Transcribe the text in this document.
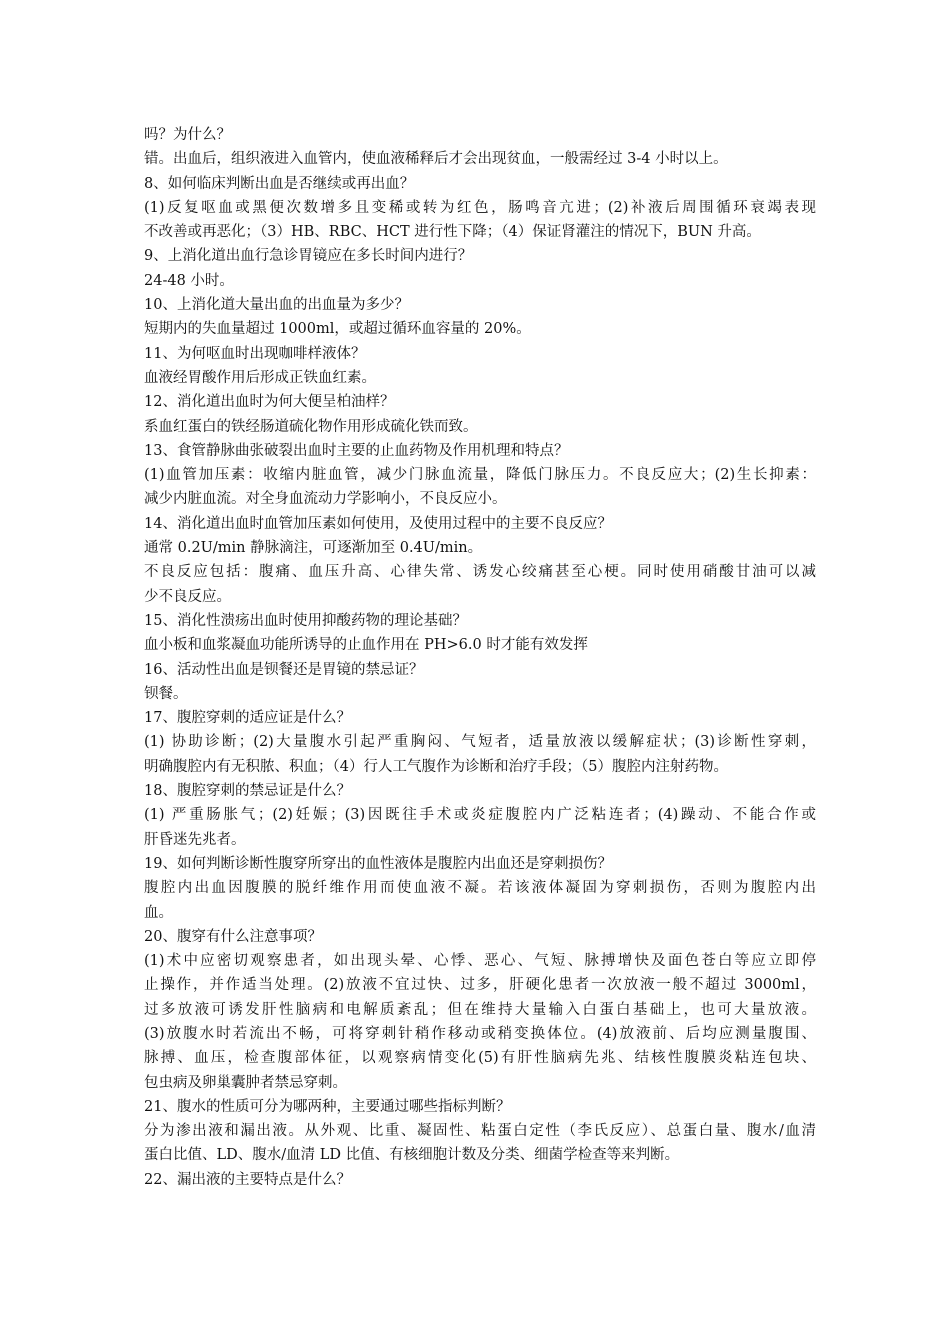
吗？为什么？
错。出血后，组织液进入血管内，使血液稀释后才会出现贫血，一般需经过 3-4 小时以上。
8、如何临床判断出血是否继续或再出血？
(1)反复呕血或黑便次数增多且变稀或转为红色，肠鸣音亢进；(2)补液后周围循环衰竭表现
不改善或再恶化；（3）HB、RBC、HCT 进行性下降；（4）保证肾灌注的情况下，BUN 升高。
9、上消化道出血行急诊胃镜应在多长时间内进行？
24-48 小时。
10、上消化道大量出血的出血量为多少？
短期内的失血量超过 1000ml，或超过循环血容量的 20%。
11、为何呕血时出现咖啡样液体？
血液经胃酸作用后形成正铁血红素。
12、消化道出血时为何大便呈柏油样？
系血红蛋白的铁经肠道硫化物作用形成硫化铁而致。
13、食管静脉曲张破裂出血时主要的止血药物及作用机理和特点？
(1)血管加压素：收缩内脏血管，减少门脉血流量，降低门脉压力。不良反应大；(2)生长抑素：
减少内脏血流。对全身血流动力学影响小，不良反应小。
14、消化道出血时血管加压素如何使用，及使用过程中的主要不良反应？
通常 0.2U/min 静脉滴注，可逐渐加至 0.4U/min。
不良反应包括：腹痛、血压升高、心律失常、诱发心绞痛甚至心梗。同时使用硝酸甘油可以减
少不良反应。
15、消化性溃疡出血时使用抑酸药物的理论基础？
血小板和血浆凝血功能所诱导的止血作用在 PH>6.0 时才能有效发挥
16、活动性出血是钡餐还是胃镜的禁忌证？
钡餐。
17、腹腔穿刺的适应证是什么？
(1) 协助诊断；(2)大量腹水引起严重胸闷、气短者，适量放液以缓解症状；(3)诊断性穿刺，
明确腹腔内有无积脓、积血；（4）行人工气腹作为诊断和治疗手段；（5）腹腔内注射药物。
18、腹腔穿刺的禁忌证是什么？
(1) 严重肠胀气；(2)妊娠；(3)因既往手术或炎症腹腔内广泛粘连者；(4)躁动、不能合作或
肝昏迷先兆者。
19、如何判断诊断性腹穿所穿出的血性液体是腹腔内出血还是穿刺损伤？
腹腔内出血因腹膜的脱纤维作用而使血液不凝。若该液体凝固为穿刺损伤，否则为腹腔内出
血。
20、腹穿有什么注意事项？
(1)术中应密切观察患者，如出现头晕、心悸、恶心、气短、脉搏增快及面色苍白等应立即停
止操作，并作适当处理。(2)放液不宜过快、过多，肝硬化患者一次放液一般不超过 3000ml，
过多放液可诱发肝性脑病和电解质紊乱；但在维持大量输入白蛋白基础上，也可大量放液。
(3)放腹水时若流出不畅，可将穿刺针稍作移动或稍变换体位。(4)放液前、后均应测量腹围、
脉搏、血压，检查腹部体征，以观察病情变化(5)有肝性脑病先兆、结核性腹膜炎粘连包块、
包虫病及卵巢囊肿者禁忌穿刺。
21、腹水的性质可分为哪两种，主要通过哪些指标判断？
分为渗出液和漏出液。从外观、比重、凝固性、粘蛋白定性（李氏反应）、总蛋白量、腹水/血清
蛋白比值、LD、腹水/血清 LD 比值、有核细胞计数及分类、细菌学检查等来判断。
22、漏出液的主要特点是什么？
